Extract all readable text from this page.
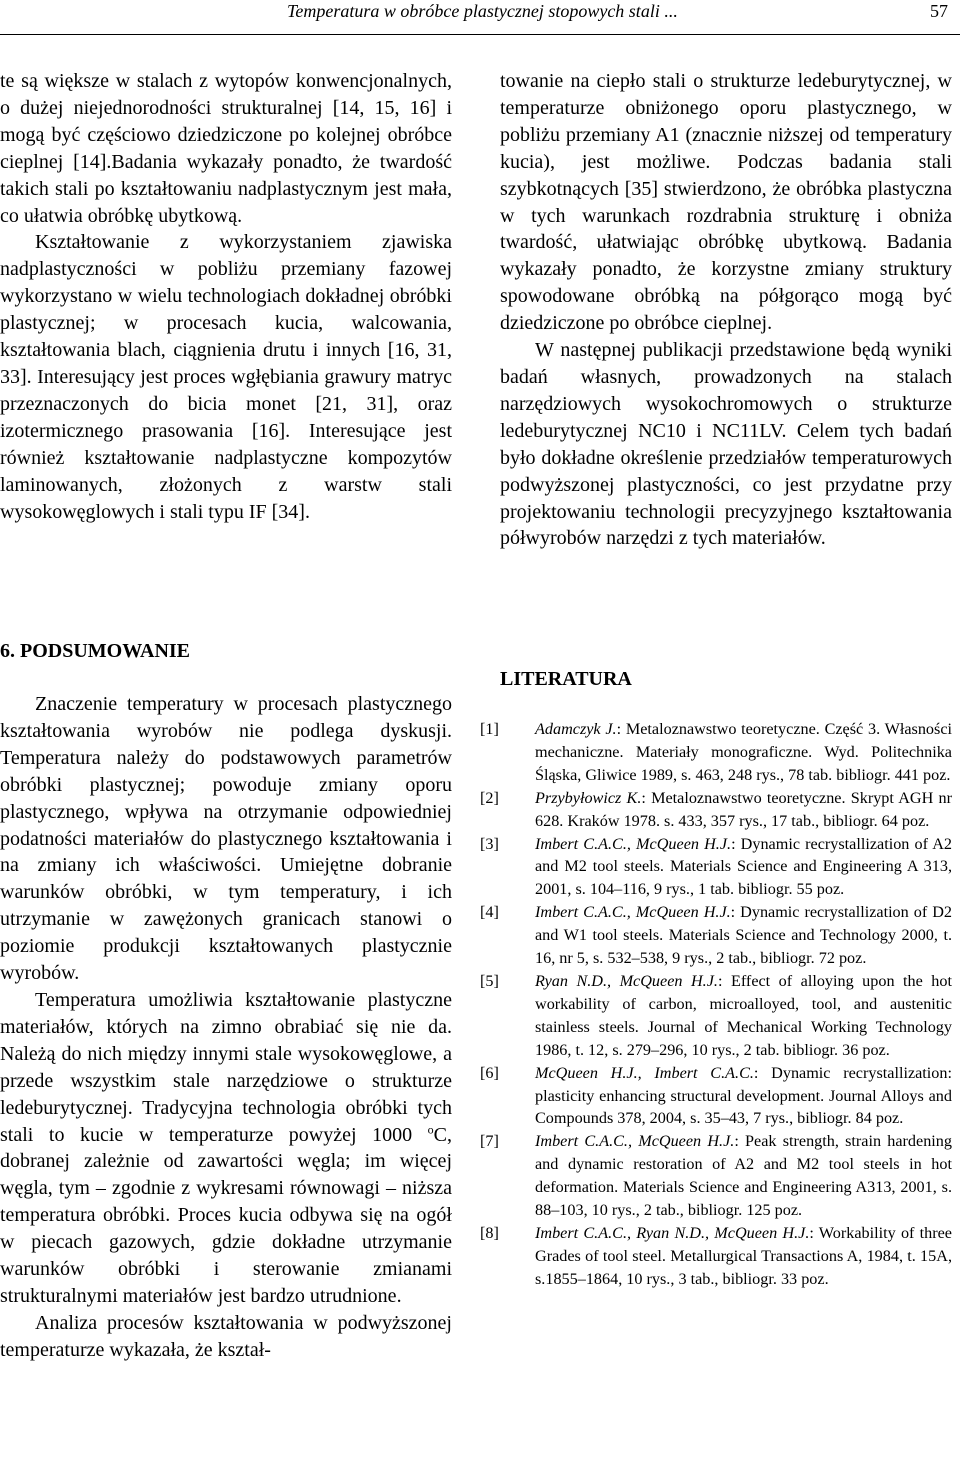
Temperatura w obróbce plastycznej stopowych stali ...	57

te są większe w stalach z wytopów konwencjonalnych, o dużej niejednorodności strukturalnej [14, 15, 16] i mogą być częściowo dziedziczone po kolejnej obróbce cieplnej [14].Badania wykazały ponadto, że twardość takich stali po kształtowaniu nadplastycznym jest mała, co ułatwia obróbkę ubytkową.

Kształtowanie z wykorzystaniem zjawiska nadplastyczności w pobliżu przemiany fazowej wykorzystano w wielu technologiach dokładnej obróbki plastycznej; w procesach kucia, walcowania, kształtowania blach, ciągnienia drutu i innych [16, 31, 33]. Interesujący jest proces wgłębiania grawury matryc przeznaczonych do bicia monet [21, 31], oraz izotermicznego prasowania [16]. Interesujące jest również kształtowanie nadplastyczne kompozytów laminowanych, złożonych z warstw stali wysokowęglowych i stali typu IF [34].

towanie na ciepło stali o strukturze ledeburytycznej, w temperaturze obniżonego oporu plastycznego, w pobliżu przemiany A1 (znacznie niższej od temperatury kucia), jest możliwe. Podczas badania stali szybkotnących [35] stwierdzono, że obróbka plastyczna w tych warunkach rozdrabnia strukturę i obniża twardość, ułatwiając obróbkę ubytkową. Badania wykazały ponadto, że korzystne zmiany struktury spowodowane obróbką na półgorąco mogą być dziedziczone po obróbce cieplnej.

W następnej publikacji przedstawione będą wyniki badań własnych, prowadzonych na stalach narzędziowych wysokochromowych o strukturze ledeburytycznej NC10 i NC11LV. Celem tych badań było dokładne określenie przedziałów temperaturowych podwyższonej plastyczności, co jest przydatne przy projektowaniu technologii precyzyjnego kształtowania półwyrobów narzędzi z tych materiałów.

6. PODSUMOWANIE

Znaczenie temperatury w procesach plastycznego kształtowania wyrobów nie podlega dyskusji. Temperatura należy do podstawowych parametrów obróbki plastycznej; powoduje zmiany oporu plastycznego, wpływa na otrzymanie odpowiedniej podatności materiałów do plastycznego kształtowania i na zmiany ich właściwości. Umiejętne dobranie warunków obróbki, w tym temperatury, i ich utrzymanie w zawężonych granicach stanowi o poziomie produkcji kształtowanych plastycznie wyrobów.

Temperatura umożliwia kształtowanie plastyczne materiałów, których na zimno obrabiać się nie da. Należą do nich między innymi stale wysokowęglowe, a przede wszystkim stale narzędziowe o strukturze ledeburytycznej. Tradycyjna technologia obróbki tych stali to kucie w temperaturze powyżej 1000 $^o$C, dobranej zależnie od zawartości węgla; im więcej węgla, tym – zgodnie z wykresami równowagi – niższa temperatura obróbki. Proces kucia odbywa się na ogół w piecach gazowych, gdzie dokładne utrzymanie warunków obróbki i sterowanie zmianami strukturalnymi materiałów jest bardzo utrudnione.

Analiza procesów kształtowania w podwyższonej temperaturze wykazała, że kształ-

LITERATURA
[1] Adamczyk J.: Metaloznawstwo teoretyczne. Część 3. Własności mechaniczne. Materiały monograficzne. Wyd. Politechnika Śląska, Gliwice 1989, s. 463, 248 rys., 78 tab. bibliogr. 441 poz.
[2] Przybyłowicz K.: Metaloznawstwo teoretyczne. Skrypt AGH nr 628. Kraków 1978. s. 433, 357 rys., 17 tab., bibliogr. 64 poz.
[3] Imbert C.A.C., McQueen H.J.: Dynamic recrystallization of A2 and M2 tool steels. Materials Science and Engineering A 313, 2001, s. 104–116, 9 rys., 1 tab. bibliogr. 55 poz.
[4] Imbert C.A.C., McQueen H.J.: Dynamic recrystallization of D2 and W1 tool steels. Materials Science and Technology 2000, t. 16, nr 5, s. 532–538, 9 rys., 2 tab., bibliogr. 72 poz.
[5] Ryan N.D., McQueen H.J.: Effect of alloying upon the hot workability of carbon, microalloyed, tool, and austenitic stainless steels. Journal of Mechanical Working Technology 1986, t. 12, s. 279–296, 10 rys., 2 tab. bibliogr. 36 poz.
[6] McQueen H.J., Imbert C.A.C.: Dynamic recrystallization: plasticity enhancing structural development. Journal Alloys and Compounds 378, 2004, s. 35–43, 7 rys., bibliogr. 84 poz.
[7] Imbert C.A.C., McQueen H.J.: Peak strength, strain hardening and dynamic restoration of A2 and M2 tool steels in hot deformation. Materials Science and Engineering A313, 2001, s. 88–103, 10 rys., 2 tab., bibliogr. 125 poz.
[8] Imbert C.A.C., Ryan N.D., McQueen H.J.: Workability of three Grades of tool steel. Metallurgical Transactions A, 1984, t. 15A, s.1855–1864, 10 rys., 3 tab., bibliogr. 33 poz.
